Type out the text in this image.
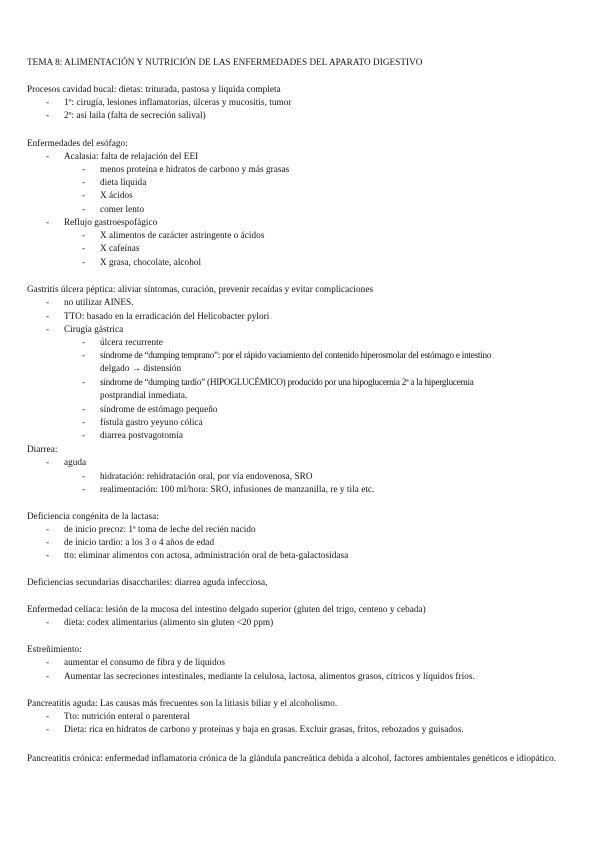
TEMA 8: ALIMENTACIÓN Y NUTRICIÓN DE LAS ENFERMEDADES DEL APARATO DIGESTIVO
Procesos cavidad bucal: dietas: triturada, pastosa y líquida completa
- 1º: cirugía, lesiones inflamatorias, úlceras y mucositis, tumor
- 2º: así laila (falta de secreción salival)
Enfermedades del esófago:
- Acalasia: falta de relajación del EEI
- menos proteína e hidratos de carbono y más grasas
- dieta líquida
- X ácidos
- comer lento
- Reflujo gastroespofágico
- X alimentos de carácter astringente o ácidos
- X cafeínas
- X grasa, chocolate, alcohol
Gastritis úlcera péptica: aliviar síntomas, curación, prevenir recaídas y evitar complicaciones
- no utilizar AINES.
- TTO: basado en la erradicación del Helicobacter pylori
- Cirugía gástrica
- úlcera recurrente
- síndrome de “dumping temprano”: por el rápido vaciamiento del contenido hiperosmolar del estómago e intestino
delgado → distensión
- síndrome de “dumping tardío” (HIPOGLUCÉMICO) producido por una hipoglucemia 2ª a la hiperglucemia
postprandial inmediata.
- síndrome de estómago pequeño
- fístula gastro yeyuno cólica
- diarrea postvagotomía
Diarrea:
- aguda
- hidratación: rehidratación oral, por vía endovenosa, SRO
- realimentación: 100 ml/hora: SRO, infusiones de manzanilla, re y tila etc.
Deficiencia congénita de la lactasa:
- de inicio precoz: 1ª toma de leche del recién nacido
- de inicio tardío: a los 3 o 4 años de edad
- tto: eliminar alimentos con actosa, administración oral de beta-galactosidasa
Deficiencias secundarias disacchariles: diarrea aguda infecciosa,
Enfermedad celíaca: lesión de la mucosa del intestino delgado superior (gluten del trigo, centeno y cebada)
- dieta: codex alimentarius (alimento sin gluten <20 ppm)
Estreñimiento:
- aumentar el consumo de fibra y de líquidos
- Aumentar las secreciones intestinales, mediante la celulosa, lactosa, alimentos grasos, cítricos y líquidos fríos.
Pancreatitis aguda: Las causas más frecuentes son la litiasis biliar y el alcoholismo.
- Tto: nutrición enteral o parenteral
- Dieta: rica en hidratos de carbono y proteínas y baja en grasas. Excluir grasas, fritos, rebozados y guisados.
Pancreatitis crónica: enfermedad inflamatoria crónica de la glándula pancreática debida a alcohol, factores ambientales genéticos e idiopático.
